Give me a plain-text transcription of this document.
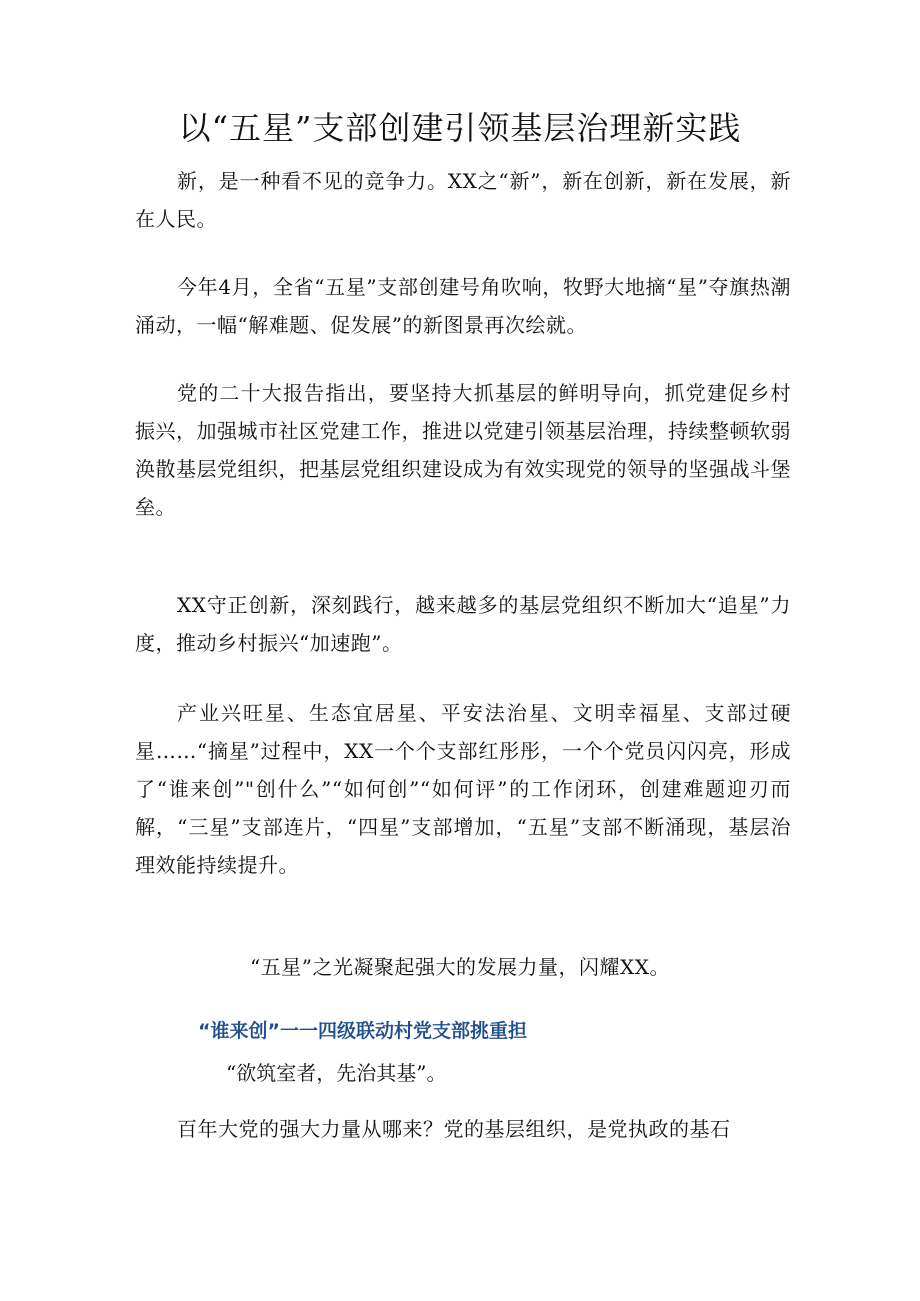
以“五星”支部创建引领基层治理新实践

新，是一种看不见的竞争力。XX之“新”，新在创新，新在发展，新在人民。

今年4月，全省“五星”支部创建号角吹响，牧野大地摘“星”夺旗热潮涌动，一幅“解难题、促发展”的新图景再次绘就。

党的二十大报告指出，要坚持大抓基层的鲜明导向，抓党建促乡村振兴，加强城市社区党建工作，推进以党建引领基层治理，持续整顿软弱涣散基层党组织，把基层党组织建设成为有效实现党的领导的坚强战斗堡垒。

XX守正创新，深刻践行，越来越多的基层党组织不断加大“追星”力度，推动乡村振兴“加速跑”。

产业兴旺星、生态宜居星、平安法治星、文明幸福星、支部过硬星……“摘星”过程中，XX一个个支部红彤彤，一个个党员闪闪亮，形成了“谁来创”"创什么”“如何创”“如何评”的工作闭环，创建难题迎刃而解，“三星”支部连片，“四星”支部增加，“五星”支部不断涌现，基层治理效能持续提升。

“五星”之光凝聚起强大的发展力量，闪耀XX。

“谁来创”一一四级联动村党支部挑重担
“欲筑室者，先治其基”。

百年大党的强大力量从哪来？党的基层组织，是党执政的基石
